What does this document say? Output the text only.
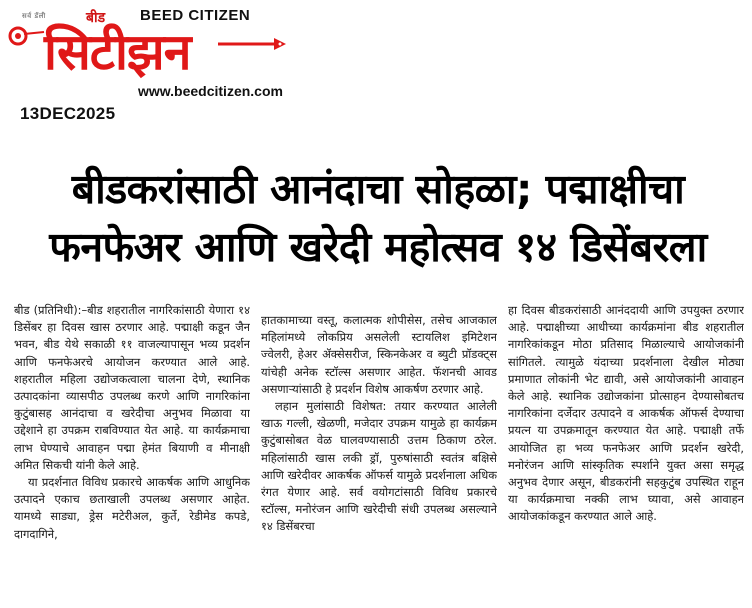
सर्व डॅली	बीड BEED CITIZEN
सिटीझन
www.beedcitizen.com
13DEC2025
बीडकरांसाठी आनंदाचा सोहळा; पद्माक्षीचा
फनफेअर आणि खरेदी महोत्सव १४ डिसेंबरला

बीड (प्रतिनिधी):–बीड शहरातील नागरिकांसाठी येणारा १४ डिसेंबर हा दिवस खास ठरणार आहे. पद्माक्षी कडून जैन भवन, बीड येथे सकाळी ११ वाजल्यापासून भव्य प्रदर्शन आणि फनफेअरचे आयोजन करण्यात आले आहे. शहरातील महिला उद्योजकत्वाला चालना देणे, स्थानिक उत्पादकांना व्यासपीठ उपलब्ध करणे आणि नागरिकांना कुटुंबासह आनंदाचा व खरेदीचा अनुभव मिळावा या उद्देशाने हा उपक्रम राबविण्यात येत आहे. या कार्यक्रमाचा लाभ घेण्याचे आवाहन पद्मा हेमंत बियाणी व मीनाक्षी अमित सिकची यांनी केले आहे.

या प्रदर्शनात विविध प्रकारचे आकर्षक आणि आधुनिक उत्पादने एकाच छताखाली उपलब्ध असणार आहेत. यामध्ये साड्या, ड्रेस मटेरीअल, कुर्ते, रेडीमेड कपडे, दागदागिने,

हातकामाच्या वस्तू, कलात्मक शोपीसेस, तसेच आजकाल महिलांमध्ये लोकप्रिय असलेली स्टायलिश इमिटेशन ज्वेलरी, हेअर ॲक्सेसरीज, स्किनकेअर व ब्युटी प्रॉडक्ट्स यांचेही अनेक स्टॉल्स असणार आहेत. फॅशनची आवड असणाऱ्यांसाठी हे प्रदर्शन विशेष आकर्षण ठरणार आहे.

लहान मुलांसाठी विशेषत: तयार करण्यात आलेली खाऊ गल्ली, खेळणी, मजेदार उपक्रम यामुळे हा कार्यक्रम कुटुंबासोबत वेळ घालवण्यासाठी उत्तम ठिकाण ठरेल. महिलांसाठी खास लकी ड्रॉ, पुरुषांसाठी स्वतंत्र बक्षिसे आणि खरेदीवर आकर्षक ऑफर्स यामुळे प्रदर्शनाला अधिक रंगत येणार आहे. सर्व वयोगटांसाठी विविध प्रकारचे स्टॉल्स, मनोरंजन आणि खरेदीची संधी उपलब्ध असल्याने १४ डिसेंबरचा

हा दिवस बीडकरांसाठी आनंददायी आणि उपयुक्त ठरणार आहे. पद्माक्षीच्या आधीच्या कार्यक्रमांना बीड शहरातील नागरिकांकडून मोठा प्रतिसाद मिळाल्याचे आयोजकांनी सांगितले. त्यामुळे यंदाच्या प्रदर्शनाला देखील मोठ्या प्रमाणात लोकांनी भेट द्यावी, असे आयोजकांनी आवाहन केले आहे. स्थानिक उद्योजकांना प्रोत्साहन देण्यासोबतच नागरिकांना दर्जेदार उत्पादने व आकर्षक ऑफर्स देण्याचा प्रयत्न या उपक्रमातून करण्यात येत आहे. पद्माक्षी तर्फे आयोजित हा भव्य फनफेअर आणि प्रदर्शन खरेदी, मनोरंजन आणि सांस्कृतिक स्पर्शाने युक्त असा समृद्ध अनुभव देणार असून, बीडकरांनी सहकुटुंब उपस्थित राहून या कार्यक्रमाचा नक्की लाभ घ्यावा, असे आवाहन आयोजकांकडून करण्यात आले आहे.
